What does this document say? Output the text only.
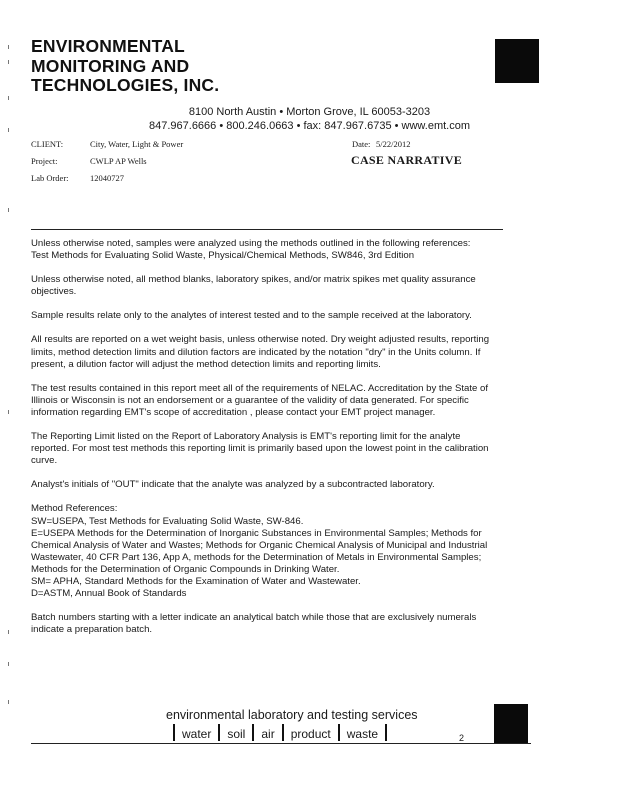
ENVIRONMENTAL
MONITORING AND
TECHNOLOGIES, INC.
8100 North Austin • Morton Grove, IL 60053-3203
847.967.6666 • 800.246.0663 • fax: 847.967.6735 • www.emt.com
CLIENT:	City, Water, Light & Power
Project:	CWLP AP Wells
Lab Order:	12040727
Date: 5/22/2012
CASE NARRATIVE

Unless otherwise noted, samples were analyzed using the methods outlined in the following references:

Test Methods for Evaluating Solid Waste, Physical/Chemical Methods, SW846, 3rd Edition

Unless otherwise noted, all method blanks, laboratory spikes, and/or matrix spikes met quality assurance objectives.

Sample results relate only to the analytes of interest tested and to the sample received at the laboratory.

All results are reported on a wet weight basis, unless otherwise noted. Dry weight adjusted results, reporting limits, method detection limits and dilution factors are indicated by the notation "dry" in the Units column. If present, a dilution factor will adjust the method detection limits and reporting limits.

The test results contained in this report meet all of the requirements of NELAC. Accreditation by the State of Illinois or Wisconsin is not an endorsement or a guarantee of the validity of data generated. For specific information regarding EMT's scope of accreditation , please contact your EMT project manager.

The Reporting Limit listed on the Report of Laboratory Analysis is EMT's reporting limit for the analyte reported. For most test methods this reporting limit is primarily based upon the lowest point in the calibration curve.

Analyst's initials of "OUT" indicate that the analyte was analyzed by a subcontracted laboratory.

Method References:

SW=USEPA, Test Methods for Evaluating Solid Waste, SW-846.

E=USEPA Methods for the Determination of Inorganic Substances in Environmental Samples; Methods for Chemical Analysis of Water and Wastes; Methods for Organic Chemical Analysis of Municipal and Industrial Wastewater, 40 CFR Part 136, App A, methods for the Determination of Metals in Environmental Samples; Methods for the Determination of Organic Compounds in Drinking Water.

SM= APHA, Standard Methods for the Examination of Water and Wastewater.

D=ASTM, Annual Book of Standards

Batch numbers starting with a letter indicate an analytical batch while those that are exclusively numerals indicate a preparation batch.

environmental laboratory and testing services
water soil air product waste	2
